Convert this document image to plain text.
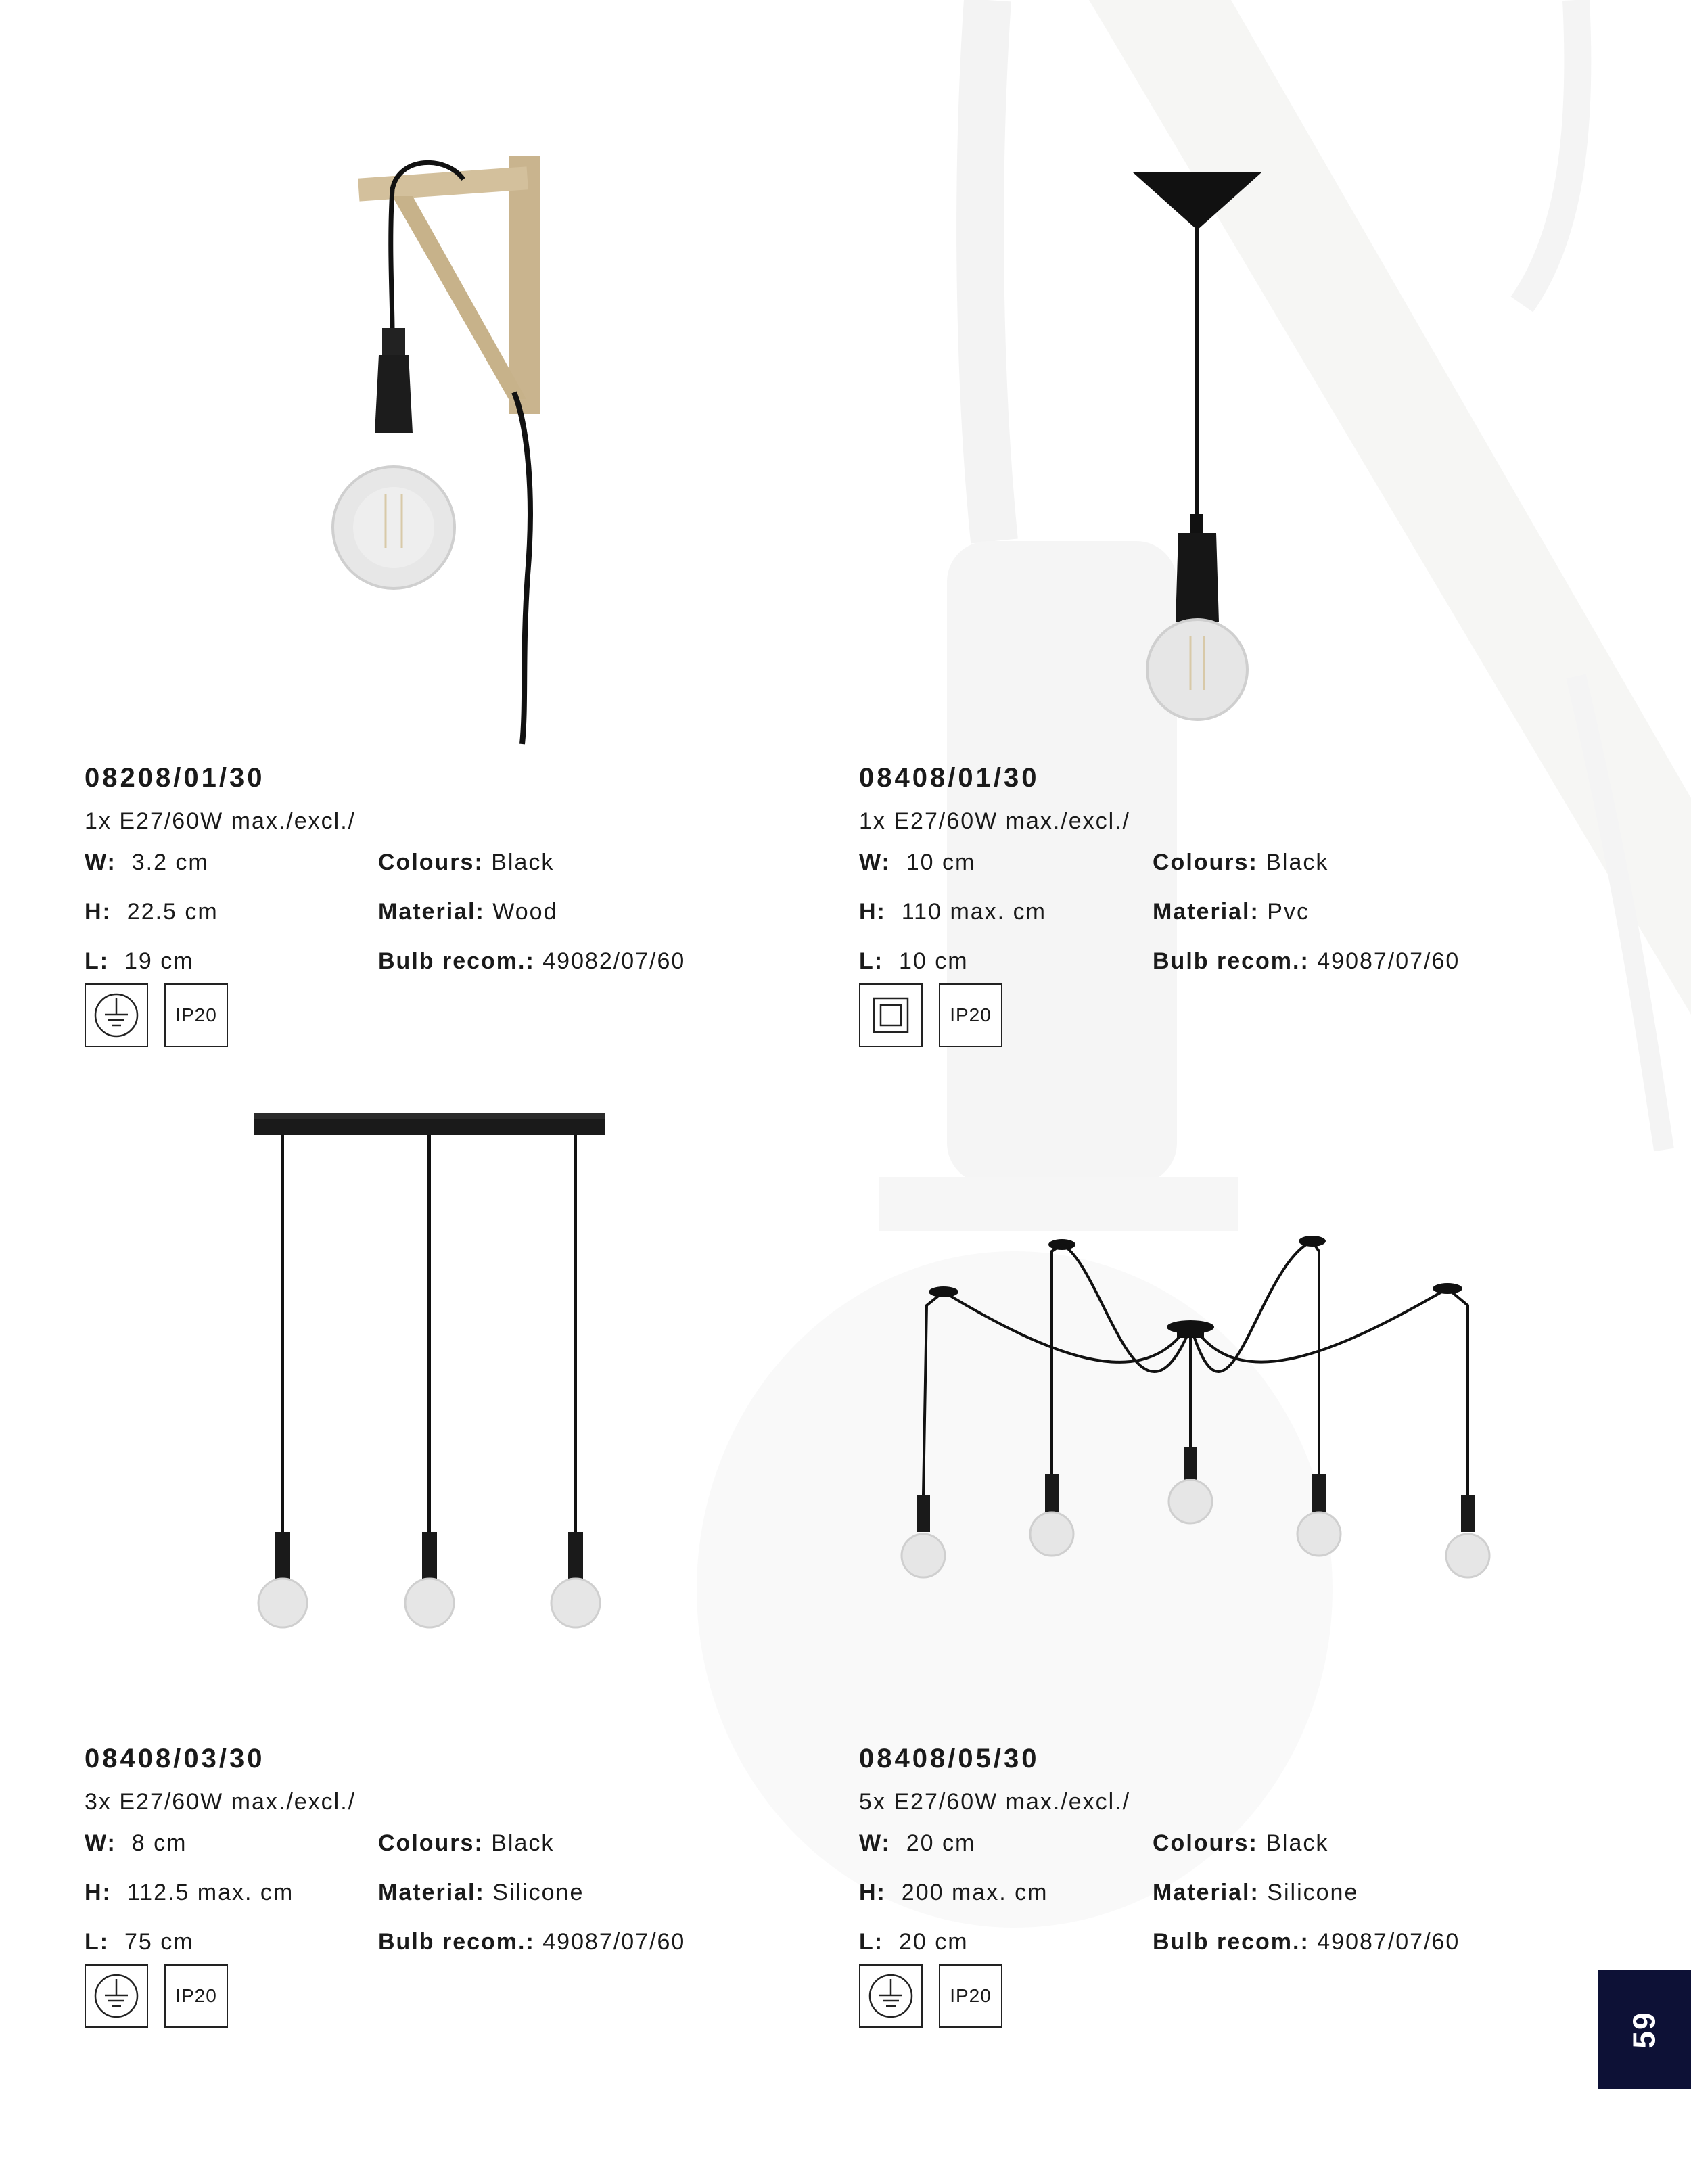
08208/01/30
1x E27/60W max./excl./
W: 3.2 cm
H: 22.5 cm
L: 19 cm
Colours: Black
Material: Wood
Bulb recom.: 49082/07/60
IP20
08408/01/30
1x E27/60W max./excl./
W: 10 cm
H: 110 max. cm
L: 10 cm
Colours: Black
Material: Pvc
Bulb recom.: 49087/07/60
IP20
08408/03/30
3x E27/60W max./excl./
W: 8 cm
H: 112.5 max. cm
L: 75 cm
Colours: Black
Material: Silicone
Bulb recom.: 49087/07/60
IP20
08408/05/30
5x E27/60W max./excl./
W: 20 cm
H: 200 max. cm
L: 20 cm
Colours: Black
Material: Silicone
Bulb recom.: 49087/07/60
IP20
59
